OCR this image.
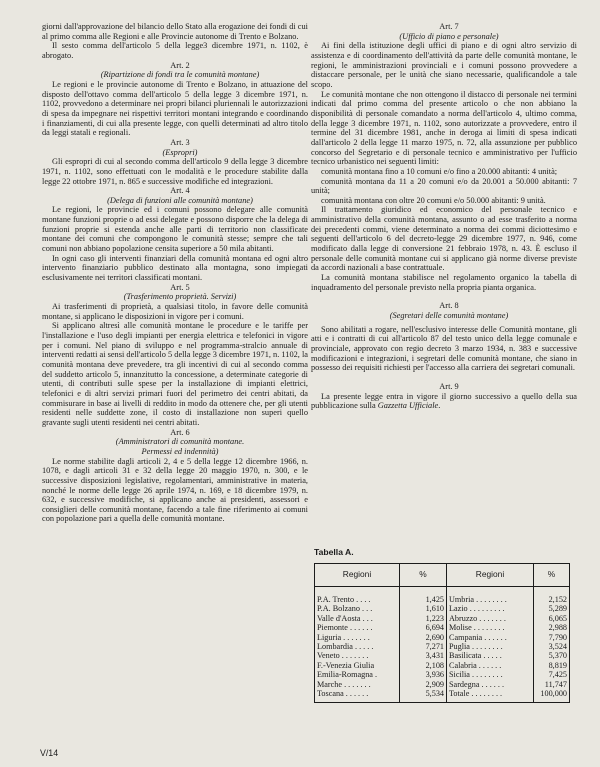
giorni dall'approvazione del bilancio dello Stato alla erogazione dei fondi di cui al primo comma alle Regioni e alle Provincie autonome di Trento e Bolzano.

Il sesto comma dell'articolo 5 della legge3 dicembre 1971, n. 1102, è abrogato.

Art. 2

(Ripartizione di fondi tra le comunità montane)

Le regioni e le provincie autonome di Trento e Bolzano, in attuazione del disposto dell'ottavo comma dell'articolo 5 della legge 3 dicembre 1971, n. 1102, provvedono a determinare nei propri bilanci pluriennali le autorizzazioni di spesa da impegnare nei rispettivi territori montani integrando e coordinando i finanziamenti, di cui alla presente legge, con quelli determinati ad altro titolo da leggi statali e regionali.

Art. 3

(Espropri)

Gli espropri di cui al secondo comma dell'articolo 9 della legge 3 dicembre 1971, n. 1102, sono effettuati con le modalità e le procedure stabilite dalla legge 22 ottobre 1971, n. 865 e successive modifiche ed integrazioni.

Art. 4

(Delega di funzioni alle comunità montane)

Le regioni, le provincie ed i comuni possono delegare alle comunità montane funzioni proprie o ad essi delegate e possono disporre che la delega di funzioni proprie si estenda anche alle parti di territorio non classificate montane dei comuni che compongono le comunità stesse; sempre che tali comuni non abbiano popolazione censita superiore a 50 mila abitanti.

In ogni caso gli interventi finanziari della comunità montana ed ogni altro intervento finanziario pubblico destinato alla montagna, sono impiegati esclusivamente nei territori classificati montani.

Art. 5

(Trasferimento proprietà. Servizi)

Ai trasferimenti di proprietà, a qualsiasi titolo, in favore delle comunità montane, si applicano le disposizioni in vigore per i comuni.

Si applicano altresì alle comunità montane le procedure e le tariffe per l'installazione e l'uso degli impianti per energia elettrica e telefonici in vigore per i comuni. Nel piano di sviluppo e nel programma-stralcio annuale di interventi redatti ai sensi dell'articolo 5 della legge 3 dicembre 1971, n. 1102, la comunità montana deve prevedere, tra gli incentivi di cui al secondo comma del suddetto articolo 5, innanzitutto la concessione, a determinate categorie di utenti, di contributi sulle spese per la installazione di impianti elettrici, telefonici e di altri servizi primari fuori del perimetro dei centri abitati, da commisurare in base ai livelli di reddito in modo da ottenere che, per gli utenti residenti nelle suddette zone, il costo di installazione non superi quello gravante sugli utenti residenti nei centri abitati.

Art. 6

(Amministratori di comunità montane.

Permessi ed indennità)

Le norme stabilite dagli articoli 2, 4 e 5 della legge 12 dicembre 1966, n. 1078, e dagli articoli 31 e 32 della legge 20 maggio 1970, n. 300, e le successive disposizioni legislative, regolamentari, amministrative in materia, nonché le norme delle legge 26 aprile 1974, n. 169, e 18 dicembre 1979, n. 632, e successive modifiche, si applicano anche ai presidenti, assessori e consiglieri delle comunità montane, facendo a tale fine riferimento ai comuni con popolazione pari a quella delle comunità montane.

Art. 7

(Ufficio di piano e personale)

Ai fini della istituzione degli uffici di piano e di ogni altro servizio di assistenza e di coordinamento dell'attività da parte delle comunità montane, le regioni, le amministrazioni provinciali e i comuni possono provvedere a distaccare personale, per le unità che siano necessarie, qualificandole a tale scopo.

Le comunità montane che non ottengono il distacco di personale nei termini indicati dal primo comma del presente articolo o che non abbiano la disponibilità di personale comandato a norma dell'articolo 4, ultimo comma, della legge 3 dicembre 1971, n. 1102, sono autorizzate a provvedere, entro il termine del 31 dicembre 1981, anche in deroga ai limiti di spesa indicati dall'articolo 2 della legge 11 marzo 1975, n. 72, alla assunzione per pubblico concorso del Segretario e di personale tecnico e amministrativo per l'ufficio tecnico urbanistico nei seguenti limiti:

comunità montana fino a 10 comuni e/o fino a 20.000 abitanti: 4 unità;

comunità montana da 11 a 20 comuni e/o da 20.001 a 50.000 abitanti: 7 unità;

comunità montana con oltre 20 comuni e/o 50.000 abitanti: 9 unità.

Il trattamento giuridico ed economico del personale tecnico e amministrativo della comunità montana, assunto o ad esse trasferito a norma dei precedenti commi, viene determinato a norma dei commi diciottesimo e seguenti dell'articolo 6 del decreto-legge 29 dicembre 1977, n. 946, come modificato dalla legge di conversione 21 febbraio 1978, n. 43. È escluso il personale delle comunità montane cui si applicano già norme diverse previste da accordi nazionali a base contrattuale.

La comunità montana stabilisce nel regolamento organico la tabella di inquadramento del personale previsto nella propria pianta organica.

Art. 8

(Segretari delle comunità montane)

Sono abilitati a rogare, nell'esclusivo interesse delle Comunità montane, gli atti e i contratti di cui all'articolo 87 del testo unico della legge comunale e provinciale, approvato con regio decreto 3 marzo 1934, n. 383 e successive modificazioni e integrazioni, i segretari delle comunità montane, che siano in possesso dei requisiti richiesti per l'accesso alla carriera dei segretari comunali.

Art. 9

La presente legge entra in vigore il giorno successivo a quello della sua pubblicazione sulla Gazzetta Ufficiale.

Tabella A.
Regioni	%	Regioni	%
P.A. Trento . . . .	1,425	Umbria . . . . . . . .	2,152
P.A. Bolzano . . .	1,610	Lazio . . . . . . . . .	5,289
Valle d'Aosta . . .	1,223	Abruzzo . . . . . . .	6,065
Piemonte . . . . . .	6,694	Molise . . . . . . . .	2,988
Liguria . . . . . . .	2,690	Campania . . . . . .	7,790
Lombardia . . . . .	7,271	Puglia . . . . . . . .	3,524
Veneto . . . . . . .	3,431	Basilicata . . . . .	5,370
F.-Venezia Giulia	2,108	Calabria . . . . . .	8,819
Emilia-Romagna .	3,936	Sicilia . . . . . . . .	7,425
Marche . . . . . . .	2,909	Sardegna . . . . . .	11,747
Toscana . . . . . .	5,534	Totale . . . . . . . .	100,000
V/14
